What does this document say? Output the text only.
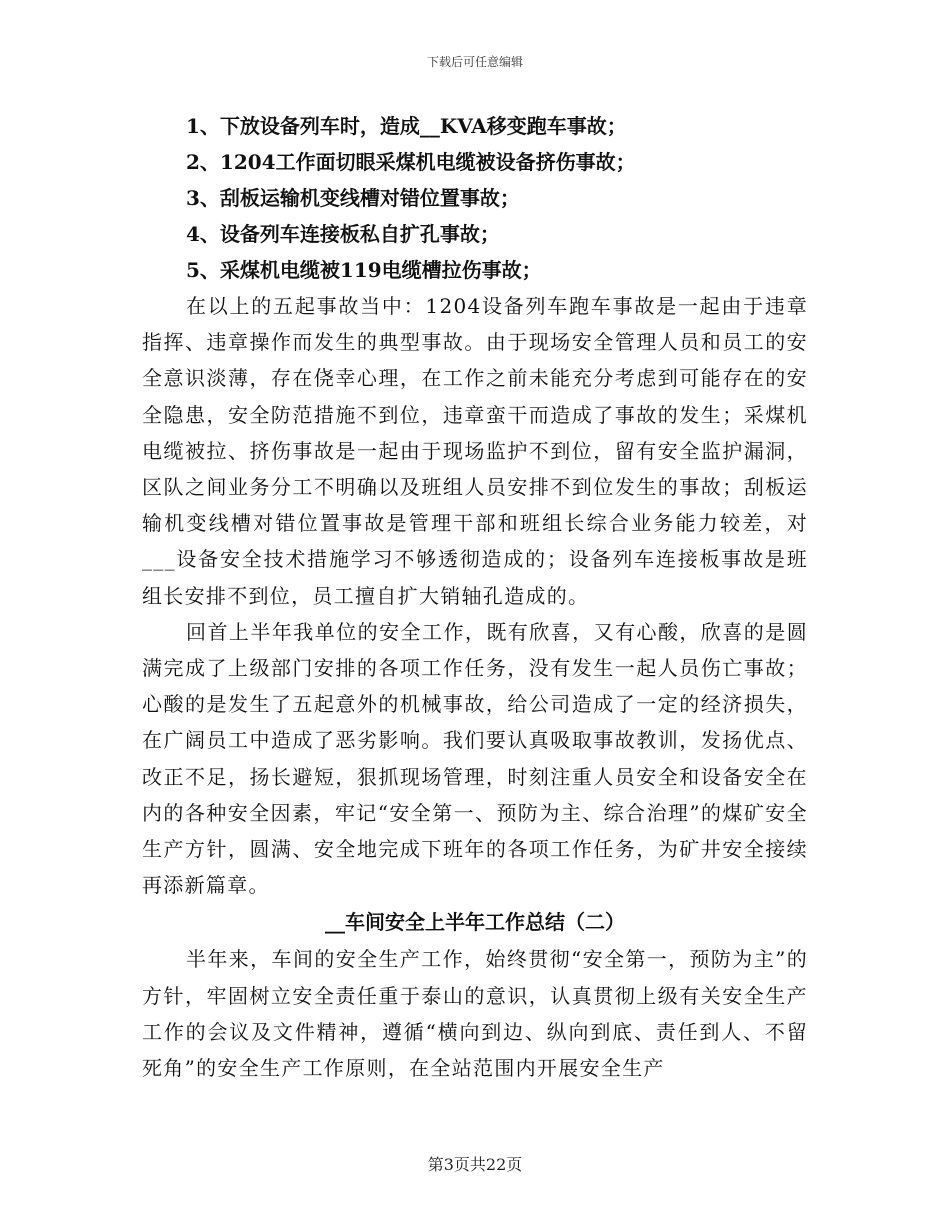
下载后可任意编辑
1、下放设备列车时，造成__KVA移变跑车事故；
2、1204工作面切眼采煤机电缆被设备挤伤事故；
3、刮板运输机变线槽对错位置事故；
4、设备列车连接板私自扩孔事故；
5、采煤机电缆被119电缆槽拉伤事故；

在以上的五起事故当中：1204设备列车跑车事故是一起由于违章指挥、违章操作而发生的典型事故。由于现场安全管理人员和员工的安全意识淡薄，存在侥幸心理，在工作之前未能充分考虑到可能存在的安全隐患，安全防范措施不到位，违章蛮干而造成了事故的发生；采煤机电缆被拉、挤伤事故是一起由于现场监护不到位，留有安全监护漏洞，区队之间业务分工不明确以及班组人员安排不到位发生的事故；刮板运输机变线槽对错位置事故是管理干部和班组长综合业务能力较差，对___设备安全技术措施学习不够透彻造成的；设备列车连接板事故是班组长安排不到位，员工擅自扩大销轴孔造成的。

回首上半年我单位的安全工作，既有欣喜，又有心酸，欣喜的是圆满完成了上级部门安排的各项工作任务，没有发生一起人员伤亡事故；心酸的是发生了五起意外的机械事故，给公司造成了一定的经济损失，在广阔员工中造成了恶劣影响。我们要认真吸取事故教训，发扬优点、改正不足，扬长避短，狠抓现场管理，时刻注重人员安全和设备安全在内的各种安全因素，牢记“安全第一、预防为主、综合治理”的煤矿安全生产方针，圆满、安全地完成下班年的各项工作任务，为矿井安全接续再添新篇章。

__车间安全上半年工作总结（二）

半年来，车间的安全生产工作，始终贯彻“安全第一，预防为主”的方针，牢固树立安全责任重于泰山的意识，认真贯彻上级有关安全生产工作的会议及文件精神，遵循“横向到边、纵向到底、责任到人、不留死角”的安全生产工作原则，在全站范围内开展安全生产

第3页共22页
